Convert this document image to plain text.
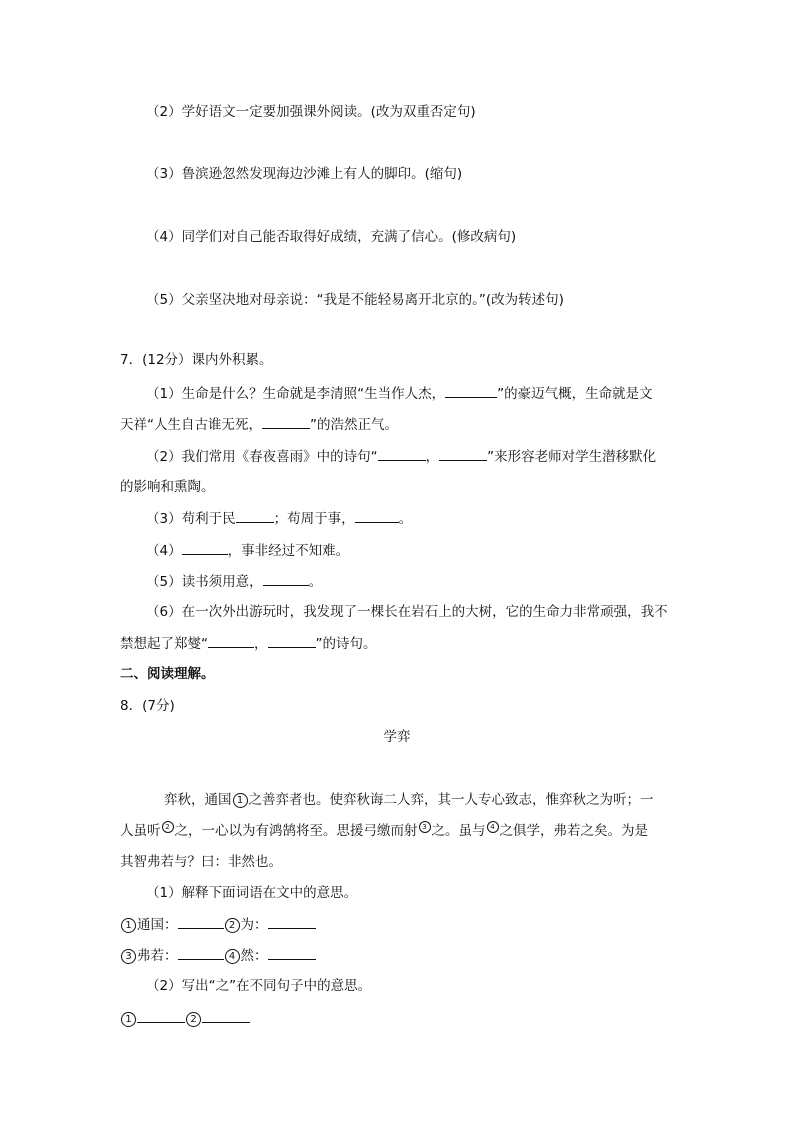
（2）学好语文一定要加强课外阅读。(改为双重否定句)
（3）鲁滨逊忽然发现海边沙滩上有人的脚印。(缩句)
（4）同学们对自己能否取得好成绩，充满了信心。(修改病句)
（5）父亲坚决地对母亲说：“我是不能轻易离开北京的。”(改为转述句)
7．(12分）课内外积累。
（1）生命是什么？生命就是李清照“生当作人杰，	”的豪迈气概，生命就是文
天祥“人生自古谁无死，	”的浩然正气。
（2）我们常用《春夜喜雨》中的诗句“	，	”来形容老师对学生潜移默化
的影响和熏陶。
（3）苟利于民	；苟周于事，	。
（4）	，事非经过不知难。
（5）读书须用意，	。
（6）在一次外出游玩时，我发现了一棵长在岩石上的大树，它的生命力非常顽强，我不
禁想起了郑燮“	，	”的诗句。
二、阅读理解。
8．(7分)
学弈
弈秋，通国 1 之善弈者也。使弈秋诲二人弈，其一人专心致志，惟弈秋之为听；一
人虽听 2 之，一心以为有鸿鹄将至。思援弓缴而射 3 之。虽与 4 之俱学，弗若之矣。为是
其智弗若与？曰：非然也。
（1）解释下面词语在文中的意思。
1 通国：	2 为：
3 弗若：	4 然：
（2）写出“之”在不同句子中的意思。
1	2
